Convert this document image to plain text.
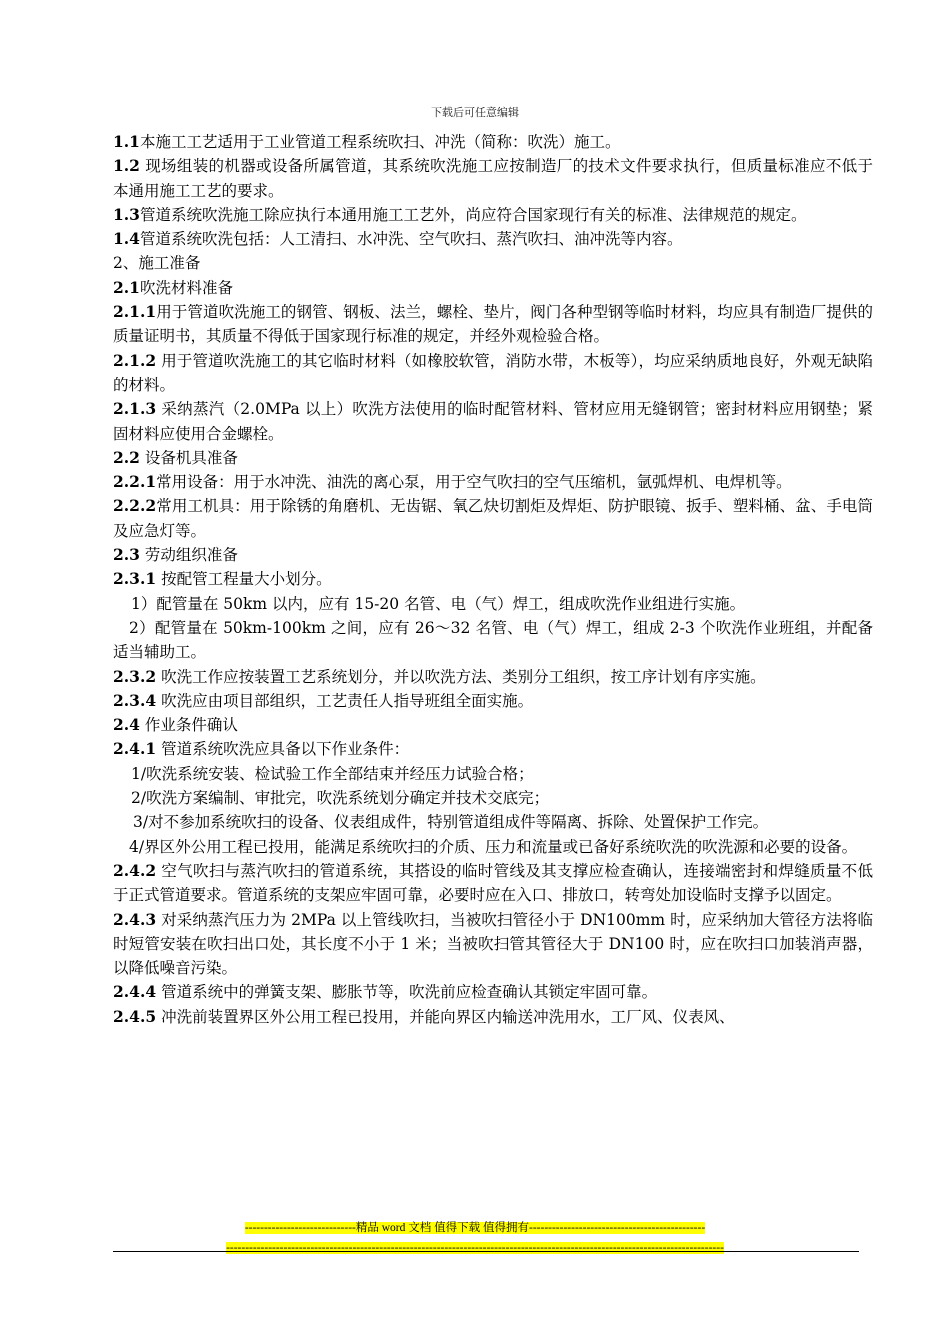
下载后可任意编辑

1.1本施工工艺适用于工业管道工程系统吹扫、冲洗（简称：吹洗）施工。

1.2 现场组装的机器或设备所属管道，其系统吹洗施工应按制造厂的技术文件要求执行，但质量标准应不低于本通用施工工艺的要求。

1.3管道系统吹洗施工除应执行本通用施工工艺外，尚应符合国家现行有关的标准、法律规范的规定。

1.4管道系统吹洗包括：人工清扫、水冲洗、空气吹扫、蒸汽吹扫、油冲洗等内容。

2、施工准备

2.1吹洗材料准备

2.1.1用于管道吹洗施工的钢管、钢板、法兰，螺栓、垫片，阀门各种型钢等临时材料，均应具有制造厂提供的质量证明书，其质量不得低于国家现行标准的规定，并经外观检验合格。

2.1.2 用于管道吹洗施工的其它临时材料（如橡胶软管，消防水带，木板等），均应采纳质地良好，外观无缺陷的材料。

2.1.3 采纳蒸汽（2.0MPa 以上）吹洗方法使用的临时配管材料、管材应用无缝钢管；密封材料应用钢垫；紧固材料应使用合金螺栓。

2.2 设备机具准备

2.2.1常用设备：用于水冲洗、油洗的离心泵，用于空气吹扫的空气压缩机，氩弧焊机、电焊机等。

2.2.2常用工机具：用于除锈的角磨机、无齿锯、氧乙炔切割炬及焊炬、防护眼镜、扳手、塑料桶、盆、手电筒及应急灯等。

2.3 劳动组织准备

2.3.1 按配管工程量大小划分。

1）配管量在 50km 以内，应有 15-20 名管、电（气）焊工，组成吹洗作业组进行实施。

2）配管量在 50km-100km 之间，应有 26～32 名管、电（气）焊工，组成 2-3 个吹洗作业班组，并配备适当辅助工。

2.3.2 吹洗工作应按装置工艺系统划分，并以吹洗方法、类别分工组织，按工序计划有序实施。

2.3.4 吹洗应由项目部组织，工艺责任人指导班组全面实施。

2.4 作业条件确认

2.4.1 管道系统吹洗应具备以下作业条件：

1/吹洗系统安装、检试验工作全部结束并经压力试验合格；

2/吹洗方案编制、审批完，吹洗系统划分确定并技术交底完；

3/对不参加系统吹扫的设备、仪表组成件，特别管道组成件等隔离、拆除、处置保护工作完。

4/界区外公用工程已投用，能满足系统吹扫的介质、压力和流量或已备好系统吹洗的吹洗源和必要的设备。

2.4.2 空气吹扫与蒸汽吹扫的管道系统，其搭设的临时管线及其支撑应检查确认，连接端密封和焊缝质量不低于正式管道要求。管道系统的支架应牢固可靠，必要时应在入口、排放口，转弯处加设临时支撑予以固定。

2.4.3 对采纳蒸汽压力为 2MPa 以上管线吹扫，当被吹扫管径小于 DN100mm 时，应采纳加大管径方法将临时短管安装在吹扫出口处，其长度不小于 1 米；当被吹扫管其管径大于 DN100 时，应在吹扫口加装消声器，以降低噪音污染。

2.4.4 管道系统中的弹簧支架、膨胀节等，吹洗前应检查确认其锁定牢固可靠。

2.4.5 冲洗前装置界区外公用工程已投用，并能向界区内输送冲洗用水，工厂风、仪表风、

-----------------------------精品 word 文档 值得下载 值得拥有----------------------------------------------
----------------------------------------------------------------------------------------------------------------------------------
